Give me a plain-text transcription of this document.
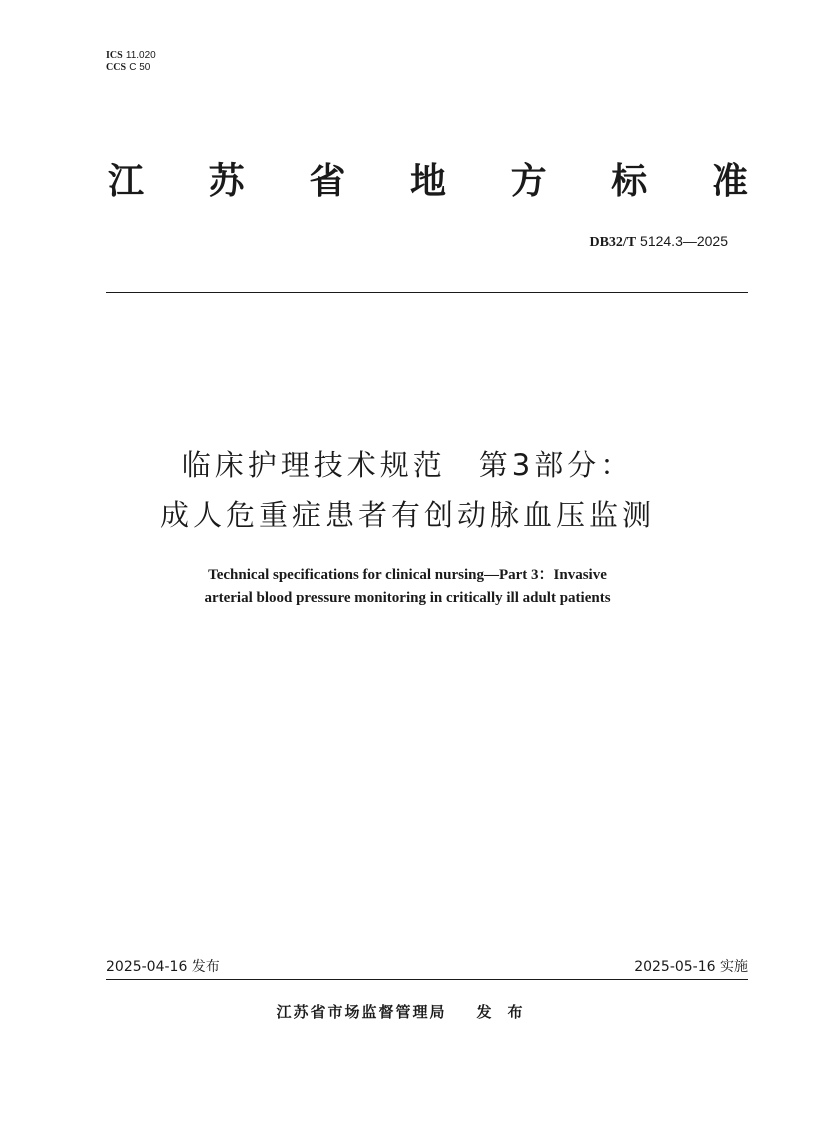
ICS 11.020
CCS C 50
江 苏 省 地 方 标 准
DB32/T 5124.3—2025
临床护理技术规范　第3部分：
成人危重症患者有创动脉血压监测
Technical specifications for clinical nursing—Part 3：Invasive
arterial blood pressure monitoring in critically ill adult patients
2025-04-16 发布	2025-05-16 实施
江苏省市场监督管理局 发布
